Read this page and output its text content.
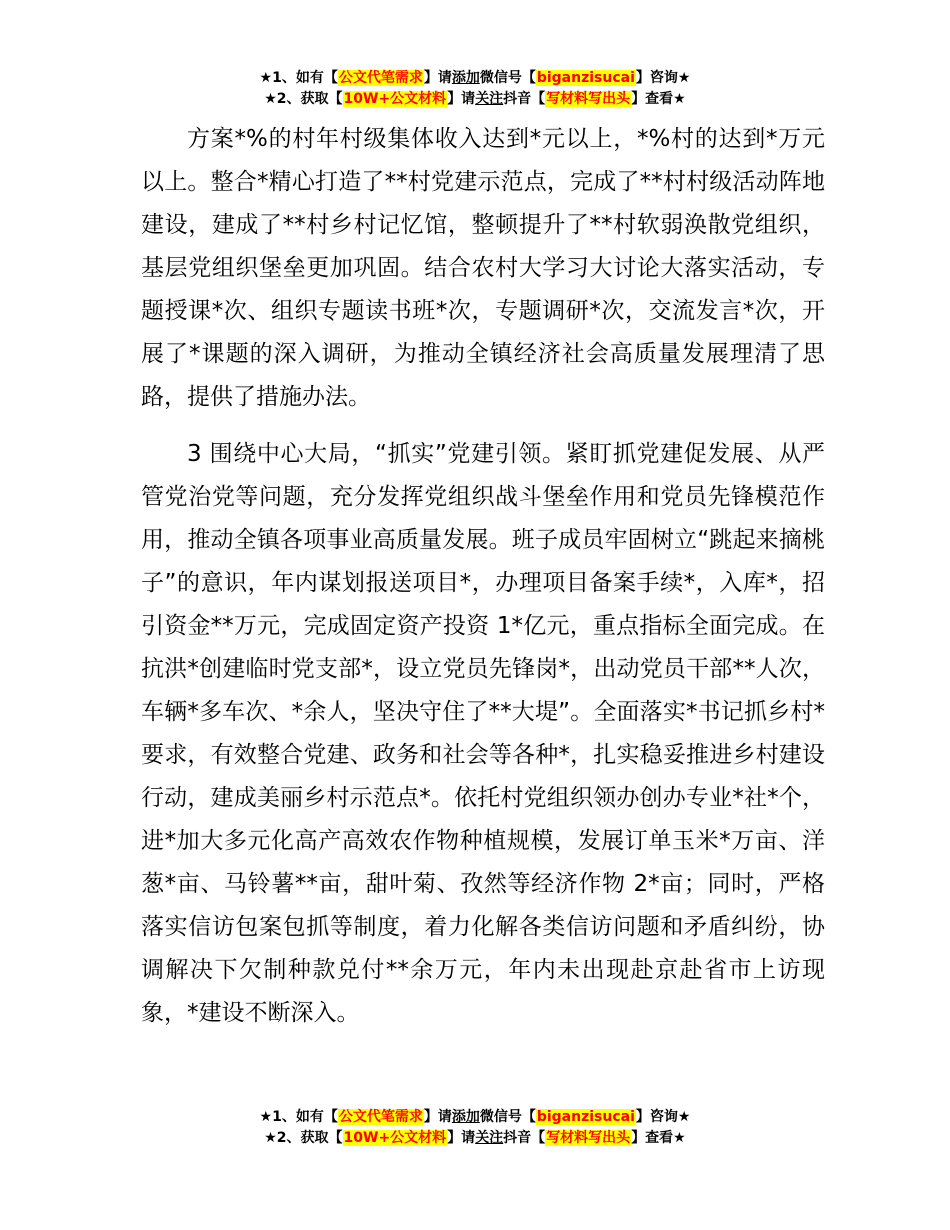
★1、如有【公文代笔需求】请添加微信号【biganzisucai】咨询★
★2、获取【10W+公文材料】请关注抖音【写材料写出头】查看★

方案*%的村年村级集体收入达到*元以上，*%村的达到*万元以上。整合*精心打造了**村党建示范点，完成了**村村级活动阵地建设，建成了**村乡村记忆馆，整顿提升了**村软弱涣散党组织，基层党组织堡垒更加巩固。结合农村大学习大讨论大落实活动，专题授课*次、组织专题读书班*次，专题调研*次，交流发言*次，开展了*课题的深入调研，为推动全镇经济社会高质量发展理清了思路，提供了措施办法。

3 围绕中心大局，“抓实”党建引领。紧盯抓党建促发展、从严管党治党等问题，充分发挥党组织战斗堡垒作用和党员先锋模范作用，推动全镇各项事业高质量发展。班子成员牢固树立“跳起来摘桃子”的意识，年内谋划报送项目*，办理项目备案手续*，入库*，招引资金**万元，完成固定资产投资 1*亿元，重点指标全面完成。在抗洪*创建临时党支部*，设立党员先锋岗*，出动党员干部**人次，车辆*多车次、*余人，坚决守住了**大堤”。全面落实*书记抓乡村*要求，有效整合党建、政务和社会等各种*，扎实稳妥推进乡村建设行动，建成美丽乡村示范点*。依托村党组织领办创办专业*社*个，进*加大多元化高产高效农作物种植规模，发展订单玉米*万亩、洋葱*亩、马铃薯**亩，甜叶菊、孜然等经济作物 2*亩；同时，严格落实信访包案包抓等制度，着力化解各类信访问题和矛盾纠纷，协调解决下欠制种款兑付**余万元，年内未出现赴京赴省市上访现象，*建设不断深入。

★1、如有【公文代笔需求】请添加微信号【biganzisucai】咨询★
★2、获取【10W+公文材料】请关注抖音【写材料写出头】查看★
